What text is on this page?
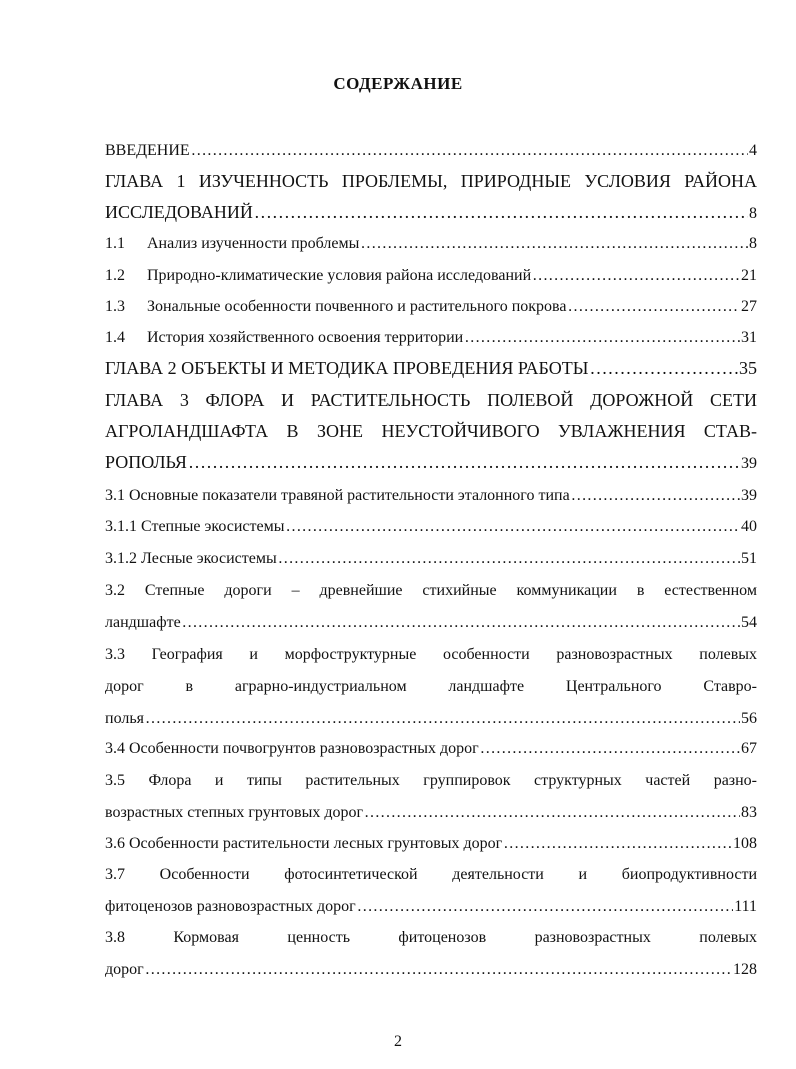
СОДЕРЖАНИЕ
ВВЕДЕНИЕ …………………………………………………………………………………………………………………………………………………………	4
ГЛАВА 1 ИЗУЧЕННОСТЬ ПРОБЛЕМЫ, ПРИРОДНЫЕ УСЛОВИЯ РАЙОНА
ИССЛЕДОВАНИЙ …………………………………………………………………………………………………………………………………………………………	8
1.1	Анализ изученности проблемы …………………………………………………………………………………………………………………………………………………………	8
1.2	Природно-климатические условия района исследований …………………………………………………………………………………………………………………………………………………………	21
1.3	Зональные особенности почвенного и растительного покрова …………………………………………………………………………………………………………………………………………………………	27
1.4	История хозяйственного освоения территории …………………………………………………………………………………………………………………………………………………………	31
ГЛАВА 2 ОБЪЕКТЫ И МЕТОДИКА ПРОВЕДЕНИЯ РАБОТЫ …………………………………………………………………………………………………………………………………………………………	35
ГЛАВА 3 ФЛОРА И РАСТИТЕЛЬНОСТЬ ПОЛЕВОЙ ДОРОЖНОЙ СЕТИ
АГРОЛАНДШАФТА В ЗОНЕ НЕУСТОЙЧИВОГО УВЛАЖНЕНИЯ СТАВ-
РОПОЛЬЯ …………………………………………………………………………………………………………………………………………………………	39
3.1 Основные показатели травяной растительности эталонного типа …………………………………………………………………………………………………………………………………………………………	39
3.1.1 Степные экосистемы …………………………………………………………………………………………………………………………………………………………	40
3.1.2 Лесные экосистемы …………………………………………………………………………………………………………………………………………………………	51
3.2 Степные дороги – древнейшие стихийные коммуникации в естественном
ландшафте …………………………………………………………………………………………………………………………………………………………	54
3.3 География и морфоструктурные особенности разновозрастных полевых
дорог в аграрно-индустриальном ландшафте Центрального Ставро-
полья …………………………………………………………………………………………………………………………………………………………	56
3.4 Особенности почвогрунтов разновозрастных дорог …………………………………………………………………………………………………………………………………………………………	67
3.5 Флора и типы растительных группировок структурных частей разно-
возрастных степных грунтовых дорог …………………………………………………………………………………………………………………………………………………………	83
3.6 Особенности растительности лесных грунтовых дорог …………………………………………………………………………………………………………………………………………………………	108
3.7 Особенности фотосинтетической деятельности и биопродуктивности
фитоценозов разновозрастных дорог …………………………………………………………………………………………………………………………………………………………	111
3.8 Кормовая ценность фитоценозов разновозрастных полевых
дорог …………………………………………………………………………………………………………………………………………………………	128
2
